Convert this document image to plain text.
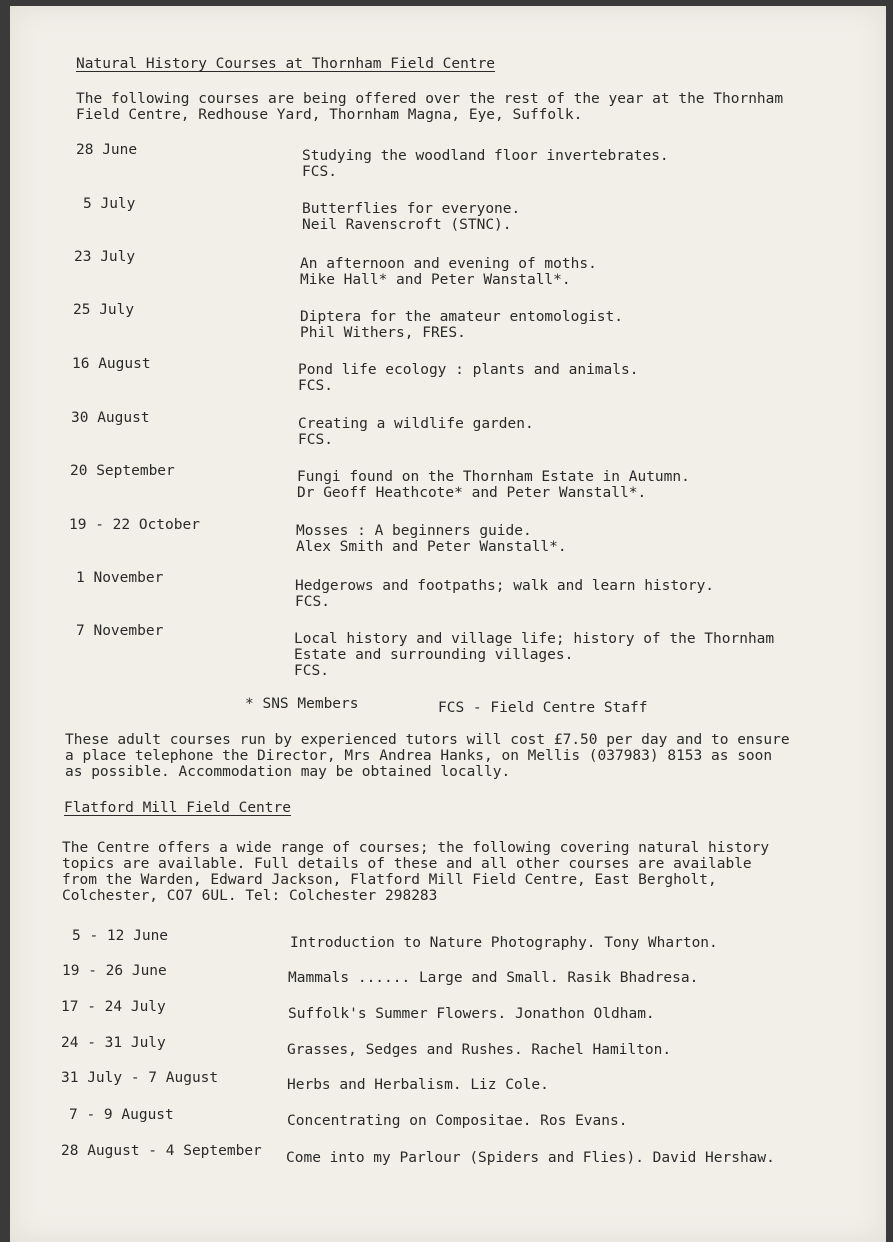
Natural History Courses at Thornham Field Centre

The following courses are being offered over the rest of the year at the Thornham
Field Centre, Redhouse Yard, Thornham Magna, Eye, Suffolk.

28 June	Studying the woodland floor invertebrates.
FCS.
5 July	Butterflies for everyone.
Neil Ravenscroft (STNC).
23 July	An afternoon and evening of moths.
Mike Hall* and Peter Wanstall*.
25 July	Diptera for the amateur entomologist.
Phil Withers, FRES.
16 August	Pond life ecology : plants and animals.
FCS.
30 August	Creating a wildlife garden.
FCS.
20 September	Fungi found on the Thornham Estate in Autumn.
Dr Geoff Heathcote* and Peter Wanstall*.
19 - 22 October	Mosses : A beginners guide.
Alex Smith and Peter Wanstall*.
1 November	Hedgerows and footpaths; walk and learn history.
FCS.
7 November	Local history and village life; history of the Thornham
Estate and surrounding villages.
FCS.
* SNS Members	FCS - Field Centre Staff

These adult courses run by experienced tutors will cost £7.50 per day and to ensure
a place telephone the Director, Mrs Andrea Hanks, on Mellis (037983) 8153 as soon
as possible. Accommodation may be obtained locally.

Flatford Mill Field Centre

The Centre offers a wide range of courses; the following covering natural history
topics are available. Full details of these and all other courses are available
from the Warden, Edward Jackson, Flatford Mill Field Centre, East Bergholt,
Colchester, CO7 6UL. Tel: Colchester 298283

5 - 12 June	Introduction to Nature Photography. Tony Wharton.
19 - 26 June	Mammals ...... Large and Small. Rasik Bhadresa.
17 - 24 July	Suffolk's Summer Flowers. Jonathon Oldham.
24 - 31 July	Grasses, Sedges and Rushes. Rachel Hamilton.
31 July - 7 August	Herbs and Herbalism. Liz Cole.
7 - 9 August	Concentrating on Compositae. Ros Evans.
28 August - 4 September Come into my Parlour (Spiders and Flies). David Hershaw.
